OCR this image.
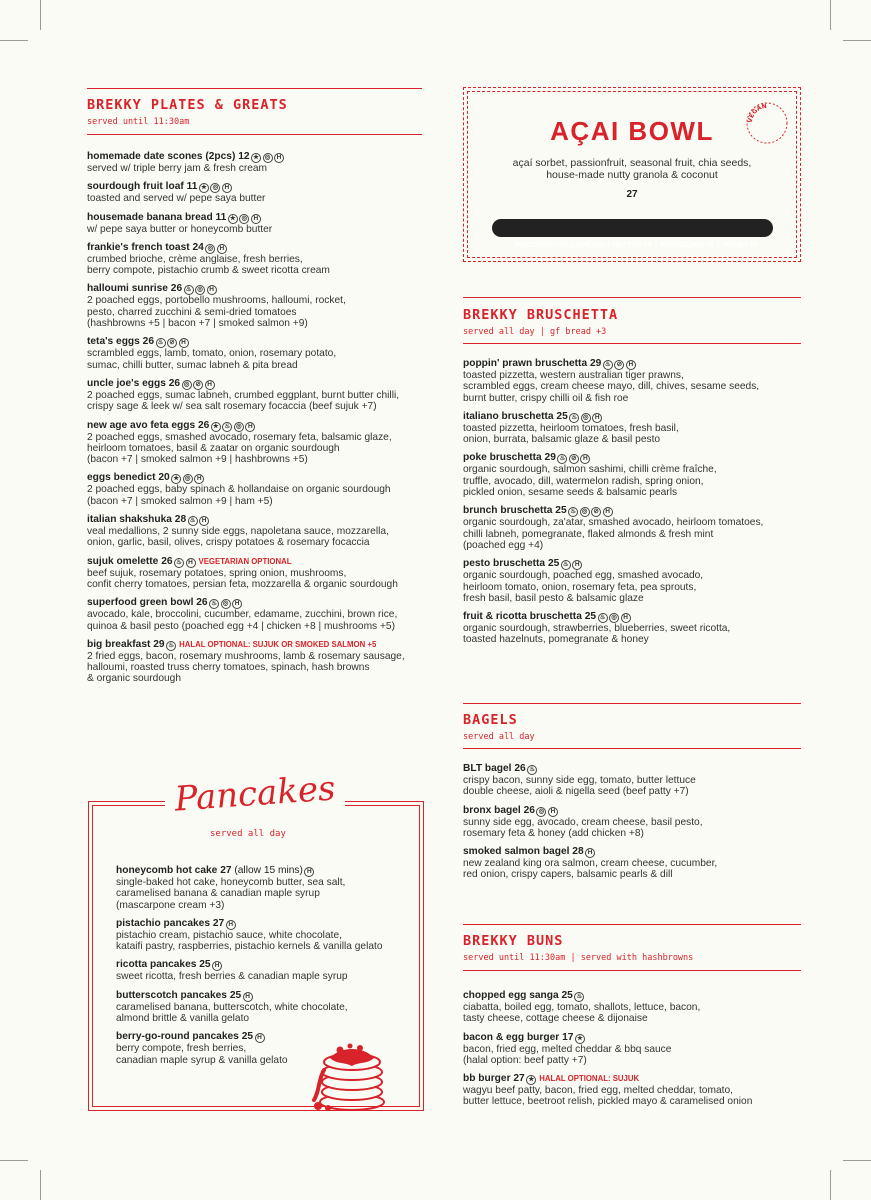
BREKKY PLATES & GREATS
served until 11:30am
homemade date scones (2pcs) 12 ★ ◎ H
served w/ triple berry jam & fresh cream
sourdough fruit loaf 11 ★ ◎ H
toasted and served w/ pepe saya butter
housemade banana bread 11 ★ ◎ H
w/ pepe saya butter or honeycomb butter
frankie's french toast 24 ◎ H
crumbed brioche, crème anglaise, fresh berries,
berry compote, pistachio crumb & sweet ricotta cream
halloumi sunrise 26 ♨ ◎ H
2 poached eggs, portobello mushrooms, halloumi, rocket,
pesto, charred zucchini & semi-dried tomatoes
(hashbrowns +5 | bacon +7 | smoked salmon +9)
teta's eggs 26 ♨ ⊘ H
scrambled eggs, lamb, tomato, onion, rosemary potato,
sumac, chilli butter, sumac labneh & pita bread
uncle joe's eggs 26 ◎ ⊘ H
2 poached eggs, sumac labneh, crumbed eggplant, burnt butter chilli,
crispy sage & leek w/ sea salt rosemary focaccia (beef sujuk +7)
new age avo feta eggs 26 ★ ♨ ◎ H
2 poached eggs, smashed avocado, rosemary feta, balsamic glaze,
heirloom tomatoes, basil & zaatar on organic sourdough
(bacon +7 | smoked salmon +9 | hashbrowns +5)
eggs benedict 20 ★ ◎ H
2 poached eggs, baby spinach & hollandaise on organic sourdough
(bacon +7 | smoked salmon +9 | ham +5)
italian shakshuka 28 ♨ H
veal medallions, 2 sunny side eggs, napoletana sauce, mozzarella,
onion, garlic, basil, olives, crispy potatoes & rosemary focaccia
sujuk omelette 26 ♨ H VEGETARIAN OPTIONAL
beef sujuk, rosemary potatoes, spring onion, mushrooms,
confit cherry tomatoes, persian feta, mozzarella & organic sourdough
superfood green bowl 26 ♨ ◎ H
avocado, kale, broccolini, cucumber, edamame, zucchini, brown rice,
quinoa & basil pesto (poached egg +4 | chicken +8 | mushrooms +5)
big breakfast 29 ♨ HALAL OPTIONAL: SUJUK OR SMOKED SALMON +5
2 fried eggs, bacon, rosemary mushrooms, lamb & rosemary sausage,
halloumi, roasted truss cherry tomatoes, spinach, hash browns
& organic sourdough
AÇAI BOWL	VEGAN
açaí sorbet, passionfruit, seasonal fruit, chia seeds,
house-made nutty granola & coconut
27

BISCOFF/NUTELLA/PEANUT BUTTER +4  |  PISTACCHIO +5  |  HONEY +2

BREKKY BRUSCHETTA
served all day | gf bread +3
poppin' prawn bruschetta 29 ♨ ⊘ H
toasted pizzetta, western australian tiger prawns,
scrambled eggs, cream cheese mayo, dill, chives, sesame seeds,
burnt butter, crispy chilli oil & fish roe
italiano bruschetta 25 ♨ ◎ H
toasted pizzetta, heirloom tomatoes, fresh basil,
onion, burrata, balsamic glaze & basil pesto
poke bruschetta 29 ♨ ⊘ H
organic sourdough, salmon sashimi, chilli crème fraîche,
truffle, avocado, dill, watermelon radish, spring onion,
pickled onion, sesame seeds & balsamic pearls
brunch bruschetta 25 ♨ ◎ ⊘ H
organic sourdough, za'atar, smashed avocado, heirloom tomatoes,
chilli labneh, pomegranate, flaked almonds & fresh mint
(poached egg +4)
pesto bruschetta 25 ♨ H
organic sourdough, poached egg, smashed avocado,
heirloom tomato, onion, rosemary feta, pea sprouts,
fresh basil, basil pesto & balsamic glaze
fruit & ricotta bruschetta 25 ♨ ◎ H
organic sourdough, strawberries, blueberries, sweet ricotta,
toasted hazelnuts, pomegranate & honey
BAGELS
served all day
BLT bagel 26 ♨
crispy bacon, sunny side egg, tomato, butter lettuce
double cheese, aioli & nigella seed (beef patty +7)
bronx bagel 26 ◎ H
sunny side egg, avocado, cream cheese, basil pesto,
rosemary feta & honey (add chicken +8)
smoked salmon bagel 28 H
new zealand king ora salmon, cream cheese, cucumber,
red onion, crispy capers, balsamic pearls & dill
BREKKY BUNS
served until 11:30am | served with hashbrowns
chopped egg sanga 25 ♨
ciabatta, boiled egg, tomato, shallots, lettuce, bacon,
tasty cheese, cottage cheese & dijonaise
bacon & egg burger 17 ★
bacon, fried egg, melted cheddar & bbq sauce
(halal option: beef patty +7)
bb burger 27 ★ HALAL OPTIONAL: SUJUK
wagyu beef patty, bacon, fried egg, melted cheddar, tomato,
butter lettuce, beetroot relish, pickled mayo & caramelised onion
Pancakes
served all day
honeycomb hot cake 27 (allow 15 mins) H
single-baked hot cake, honeycomb butter, sea salt,
caramelised banana & canadian maple syrup
(mascarpone cream +3)
pistachio pancakes 27 H
pistachio cream, pistachio sauce, white chocolate,
kataifi pastry, raspberries, pistachio kernels & vanilla gelato
ricotta pancakes 25 H
sweet ricotta, fresh berries & canadian maple syrup
butterscotch pancakes 25 H
caramelised banana, butterscotch, white chocolate,
almond brittle & vanilla gelato
berry-go-round pancakes 25 H
berry compote, fresh berries,
canadian maple syrup & vanilla gelato
